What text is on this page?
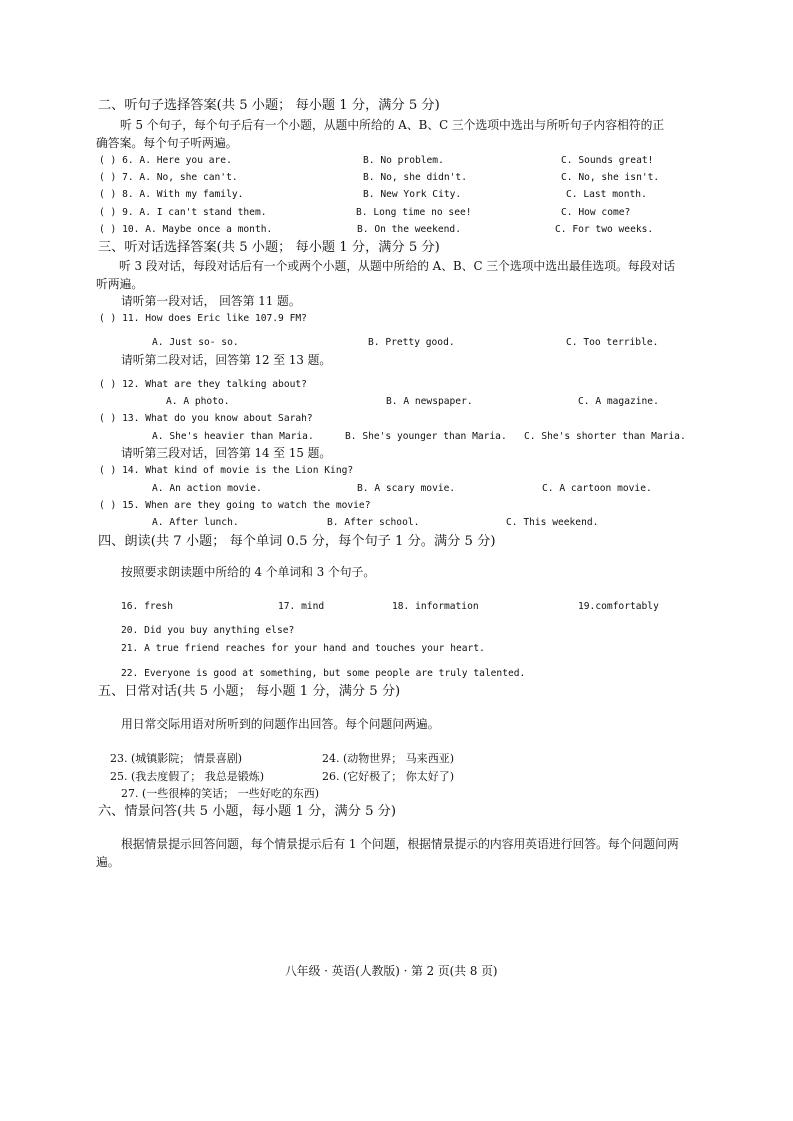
二、听句子选择答案(共 5 小题； 每小题 1 分，满分 5 分)
听 5 个句子，每个句子后有一个小题，从题中所给的 A、B、C 三个选项中选出与所听句子内容相符的正
确答案。每个句子听两遍。
( ) 6. A. Here you are.	B. No problem.	C. Sounds great!
( ) 7. A. No, she can't.	B. No, she didn't.	C. No, she isn't.
( ) 8. A. With my family.	B. New York City.	C. Last month.
( ) 9. A. I can't stand them.	B. Long time no see!	C. How come?
( ) 10. A. Maybe once a month.	B. On the weekend.	C. For two weeks.
三、听对话选择答案(共 5 小题； 每小题 1 分，满分 5 分)
听 3 段对话，每段对话后有一个或两个小题，从题中所给的 A、B、C 三个选项中选出最佳选项。每段对话
听两遍。
请听第一段对话， 回答第 11 题。
( ) 11. How does Eric like 107.9 FM?
A. Just so- so.	B. Pretty good.	C. Too terrible.
请听第二段对话，回答第 12 至 13 题。
( ) 12. What are they talking about?
A. A photo.	B. A newspaper.	C. A magazine.
( ) 13. What do you know about Sarah?
A. She's heavier than Maria.	B. She's younger than Maria. C. She's shorter than Maria.
请听第三段对话，回答第 14 至 15 题。
( ) 14. What kind of movie is the Lion King?
A. An action movie.	B. A scary movie.	C. A cartoon movie.
( ) 15. When are they going to watch the movie?
A. After lunch.	B. After school.	C. This weekend.
四、朗读(共 7 小题； 每个单词 0.5 分，每个句子 1 分。满分 5 分)
按照要求朗读题中所给的 4 个单词和 3 个句子。
16. fresh	17. mind	18. information	19.comfortably
20. Did you buy anything else?
21. A true friend reaches for your hand and touches your heart.
22. Everyone is good at something, but some people are truly talented.
五、日常对话(共 5 小题； 每小题 1 分，满分 5 分)
用日常交际用语对所听到的问题作出回答。每个问题问两遍。
23. (城镇影院； 情景喜剧)	24. (动物世界； 马来西亚)
25. (我去度假了； 我总是锻炼)	26. (它好极了； 你太好了)
27. (一些很棒的笑话； 一些好吃的东西)
六、情景问答(共 5 小题，每小题 1 分，满分 5 分)
根据情景提示回答问题，每个情景提示后有 1 个问题，根据情景提示的内容用英语进行回答。每个问题问两
遍。
八年级 · 英语(人教版) · 第 2 页(共 8 页)
